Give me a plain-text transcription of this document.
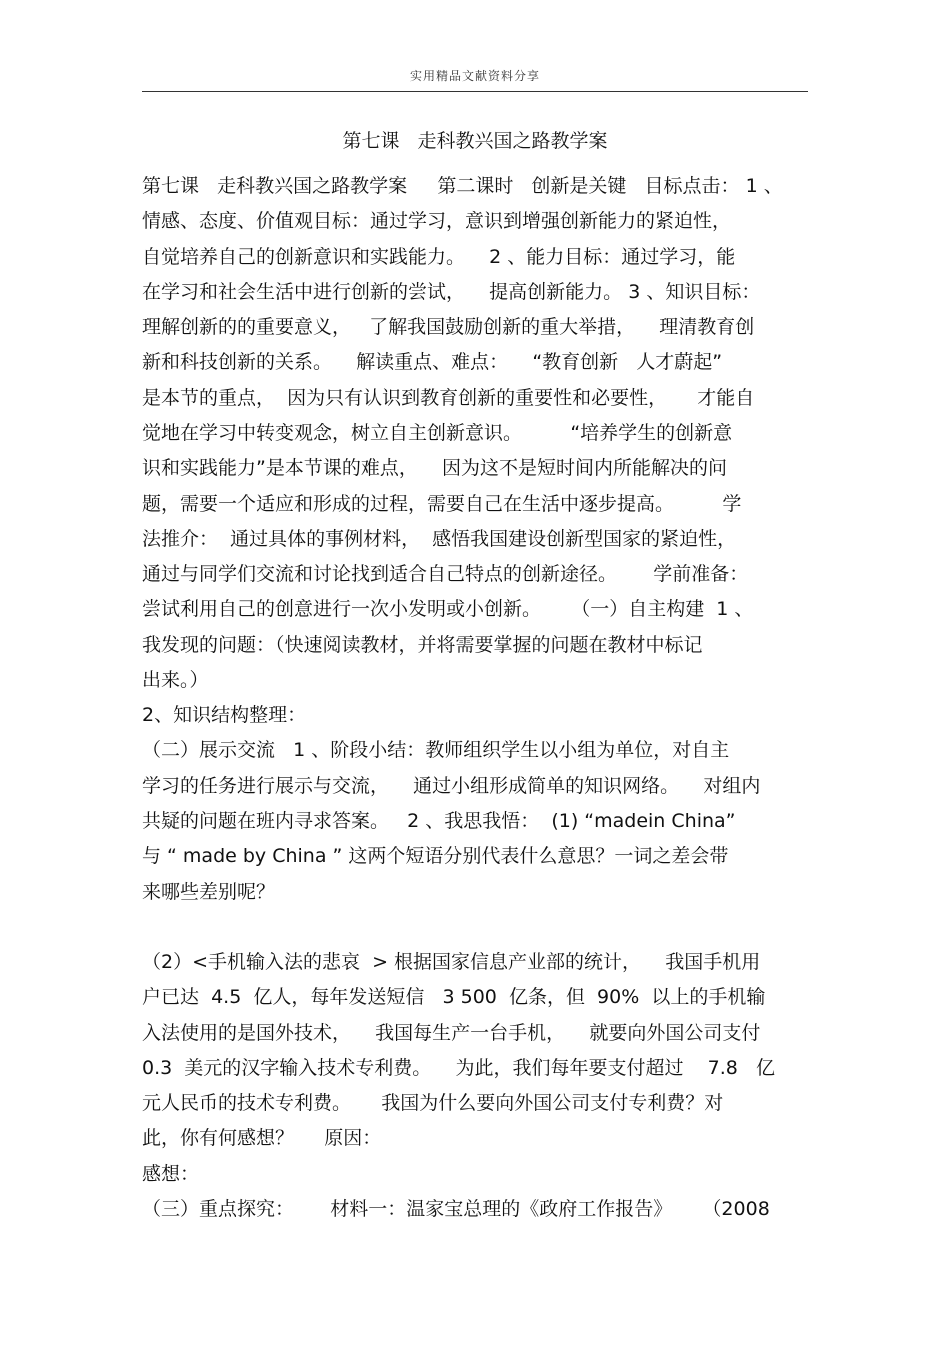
实用精品文献资料分享
第七课   走科教兴国之路教学案
第七课   走科教兴国之路教学案     第二课时   创新是关键   目标点击： 1 、
情感、态度、价值观目标：通过学习，意识到增强创新能力的紧迫性，
自觉培养自己的创新意识和实践能力。    2 、能力目标：通过学习，能
在学习和社会生活中进行创新的尝试，    提高创新能力。 3 、知识目标：
理解创新的的重要意义，   了解我国鼓励创新的重大举措，    理清教育创
新和科技创新的关系。    解读重点、难点：    “教育创新   人才蔚起”
是本节的重点，  因为只有认识到教育创新的重要性和必要性，     才能自
觉地在学习中转变观念，树立自主创新意识。        “培养学生的创新意
识和实践能力”是本节课的难点，    因为这不是短时间内所能解决的问
题，需要一个适应和形成的过程，需要自己在生活中逐步提高。        学
法推介：  通过具体的事例材料，  感悟我国建设创新型国家的紧迫性，
通过与同学们交流和讨论找到适合自己特点的创新途径。      学前准备：
尝试利用自己的创意进行一次小发明或小创新。     （一）自主构建  1 、
我发现的问题：（快速阅读教材，并将需要掌握的问题在教材中标记
出来。）
2、知识结构整理：
（二）展示交流   1 、阶段小结：教师组织学生以小组为单位，对自主
学习的任务进行展示与交流，    通过小组形成简单的知识网络。    对组内
共疑的问题在班内寻求答案。   2 、我思我悟：  (1) “madein China”
与 “ made by China ” 这两个短语分别代表什么意思？一词之差会带
来哪些差别呢？
（2）<手机输入法的悲哀  > 根据国家信息产业部的统计，    我国手机用
户已达  4.5  亿人，每年发送短信   3 500  亿条，但  90%  以上的手机输
入法使用的是国外技术，    我国每生产一台手机，    就要向外国公司支付
0.3  美元的汉字输入技术专利费。    为此，我们每年要支付超过    7.8   亿
元人民币的技术专利费。     我国为什么要向外国公司支付专利费？对
此，你有何感想？     原因：
感想：
（三）重点探究：      材料一：温家宝总理的《政府工作报告》     （2008
